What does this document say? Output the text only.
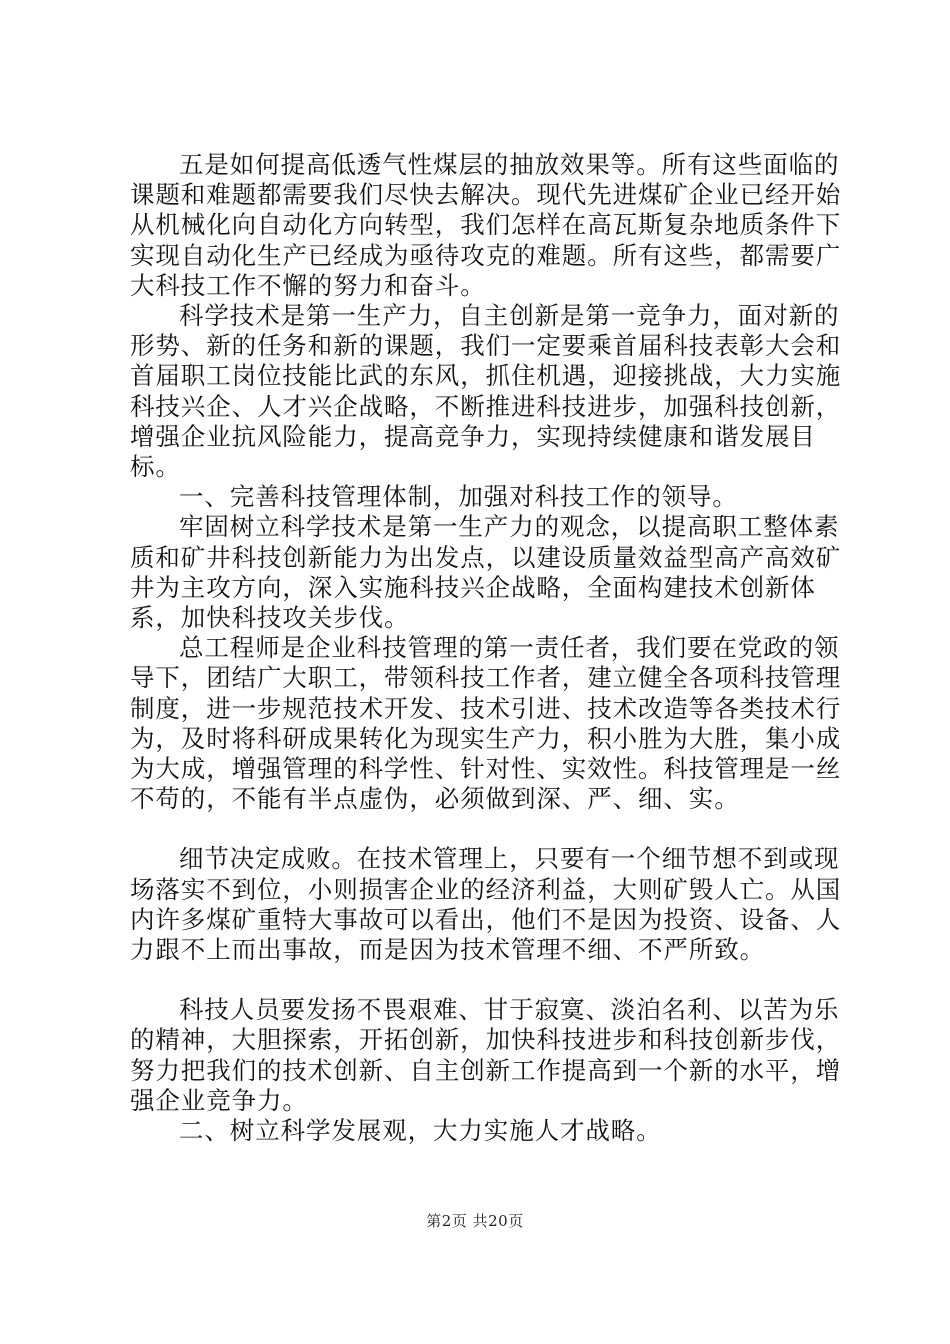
五是如何提高低透气性煤层的抽放效果等。所有这些面临的课题和难题都需要我们尽快去解决。现代先进煤矿企业已经开始从机械化向自动化方向转型，我们怎样在高瓦斯复杂地质条件下实现自动化生产已经成为亟待攻克的难题。所有这些，都需要广大科技工作不懈的努力和奋斗。

科学技术是第一生产力，自主创新是第一竞争力，面对新的形势、新的任务和新的课题，我们一定要乘首届科技表彰大会和首届职工岗位技能比武的东风，抓住机遇，迎接挑战，大力实施科技兴企、人才兴企战略，不断推进科技进步，加强科技创新，增强企业抗风险能力，提高竞争力，实现持续健康和谐发展目标。

一、完善科技管理体制，加强对科技工作的领导。

牢固树立科学技术是第一生产力的观念，以提高职工整体素质和矿井科技创新能力为出发点，以建设质量效益型高产高效矿井为主攻方向，深入实施科技兴企战略，全面构建技术创新体系，加快科技攻关步伐。

总工程师是企业科技管理的第一责任者，我们要在党政的领导下，团结广大职工，带领科技工作者，建立健全各项科技管理制度，进一步规范技术开发、技术引进、技术改造等各类技术行为，及时将科研成果转化为现实生产力，积小胜为大胜，集小成为大成，增强管理的科学性、针对性、实效性。科技管理是一丝不苟的，不能有半点虚伪，必须做到深、严、细、实。

细节决定成败。在技术管理上，只要有一个细节想不到或现场落实不到位，小则损害企业的经济利益，大则矿毁人亡。从国内许多煤矿重特大事故可以看出，他们不是因为投资、设备、人力跟不上而出事故，而是因为技术管理不细、不严所致。

科技人员要发扬不畏艰难、甘于寂寞、淡泊名利、以苦为乐的精神，大胆探索，开拓创新，加快科技进步和科技创新步伐，努力把我们的技术创新、自主创新工作提高到一个新的水平，增强企业竞争力。

二、树立科学发展观，大力实施人才战略。

第2页 共20页
